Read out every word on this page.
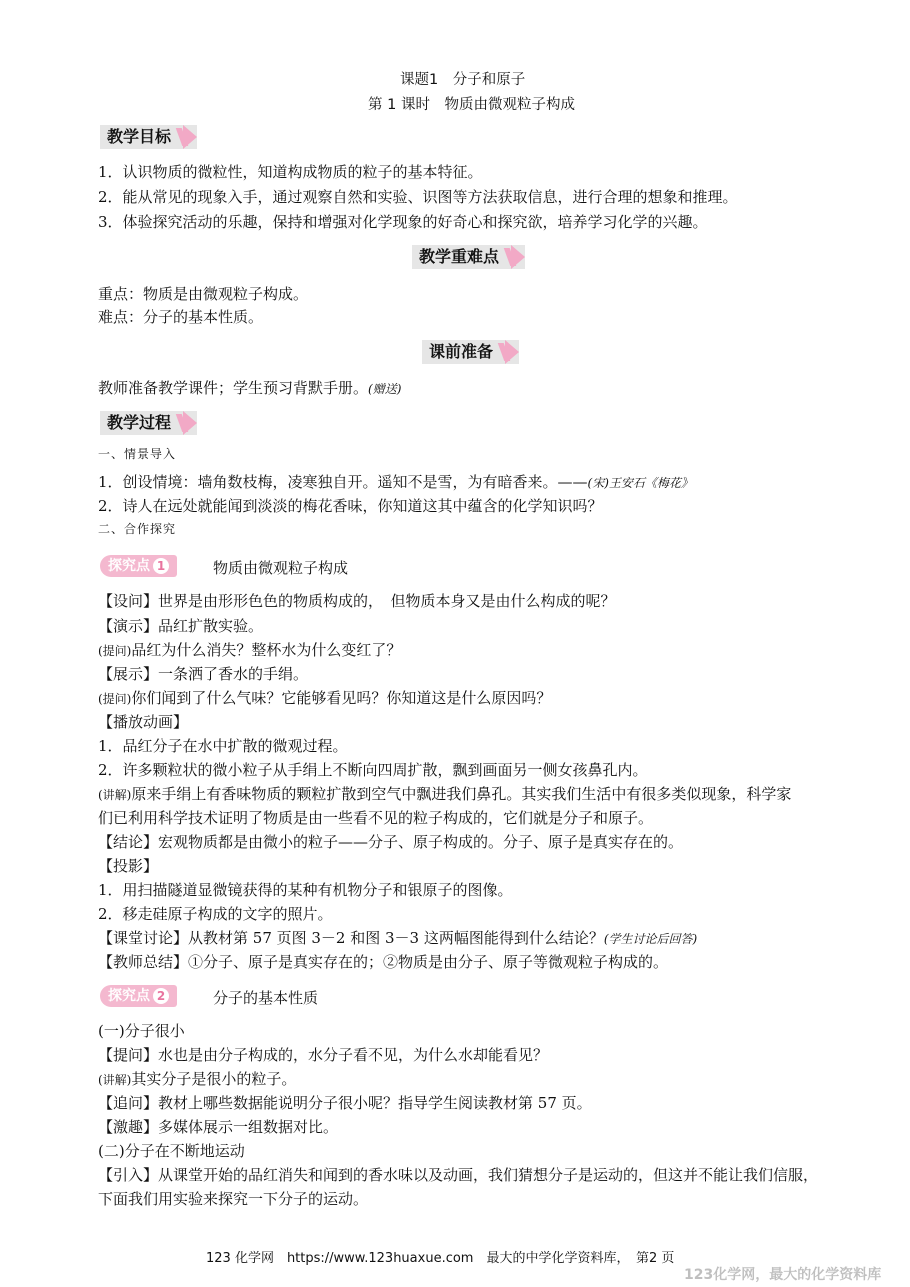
课题1　分子和原子
第 1 课时　物质由微观粒子构成
教学目标
1．认识物质的微粒性，知道构成物质的粒子的基本特征。
2．能从常见的现象入手，通过观察自然和实验、识图等方法获取信息，进行合理的想象和推理。
3．体验探究活动的乐趣，保持和增强对化学现象的好奇心和探究欲，培养学习化学的兴趣。
教学重难点
重点：物质是由微观粒子构成。
难点：分子的基本性质。
课前准备
教师准备教学课件；学生预习背默手册。(赠送)
教学过程
一、情景导入
1．创设情境：墙角数枝梅，凌寒独自开。遥知不是雪，为有暗香来。——(宋)王安石《梅花》
2．诗人在远处就能闻到淡淡的梅花香味，你知道这其中蕴含的化学知识吗？
二、合作探究
探究点 1	物质由微观粒子构成
【设问】世界是由形形色色的物质构成的，　但物质本身又是由什么构成的呢？
【演示】品红扩散实验。
(提问)品红为什么消失？整杯水为什么变红了？
【展示】一条洒了香水的手绢。
(提问)你们闻到了什么气味？它能够看见吗？你知道这是什么原因吗？
【播放动画】
1．品红分子在水中扩散的微观过程。
2．许多颗粒状的微小粒子从手绢上不断向四周扩散，飘到画面另一侧女孩鼻孔内。
(讲解)原来手绢上有香味物质的颗粒扩散到空气中飘进我们鼻孔。其实我们生活中有很多类似现象，科学家
们已利用科学技术证明了物质是由一些看不见的粒子构成的，它们就是分子和原子。
【结论】宏观物质都是由微小的粒子——分子、原子构成的。分子、原子是真实存在的。
【投影】
1．用扫描隧道显微镜获得的某种有机物分子和银原子的图像。
2．移走硅原子构成的文字的照片。
【课堂讨论】从教材第 57 页图 3－2 和图 3－3 这两幅图能得到什么结论？(学生讨论后回答)
【教师总结】①分子、原子是真实存在的；②物质是由分子、原子等微观粒子构成的。
探究点 2	分子的基本性质
(一)分子很小
【提问】水也是由分子构成的，水分子看不见，为什么水却能看见？
(讲解)其实分子是很小的粒子。
【追问】教材上哪些数据能说明分子很小呢？指导学生阅读教材第 57 页。
【激趣】多媒体展示一组数据对比。
(二)分子在不断地运动
【引入】从课堂开始的品红消失和闻到的香水味以及动画，我们猜想分子是运动的，但这并不能让我们信服，
下面我们用实验来探究一下分子的运动。
123 化学网　https://www.123huaxue.com　最大的中学化学资料库，　第2 页
123化学网，最大的化学资料库
